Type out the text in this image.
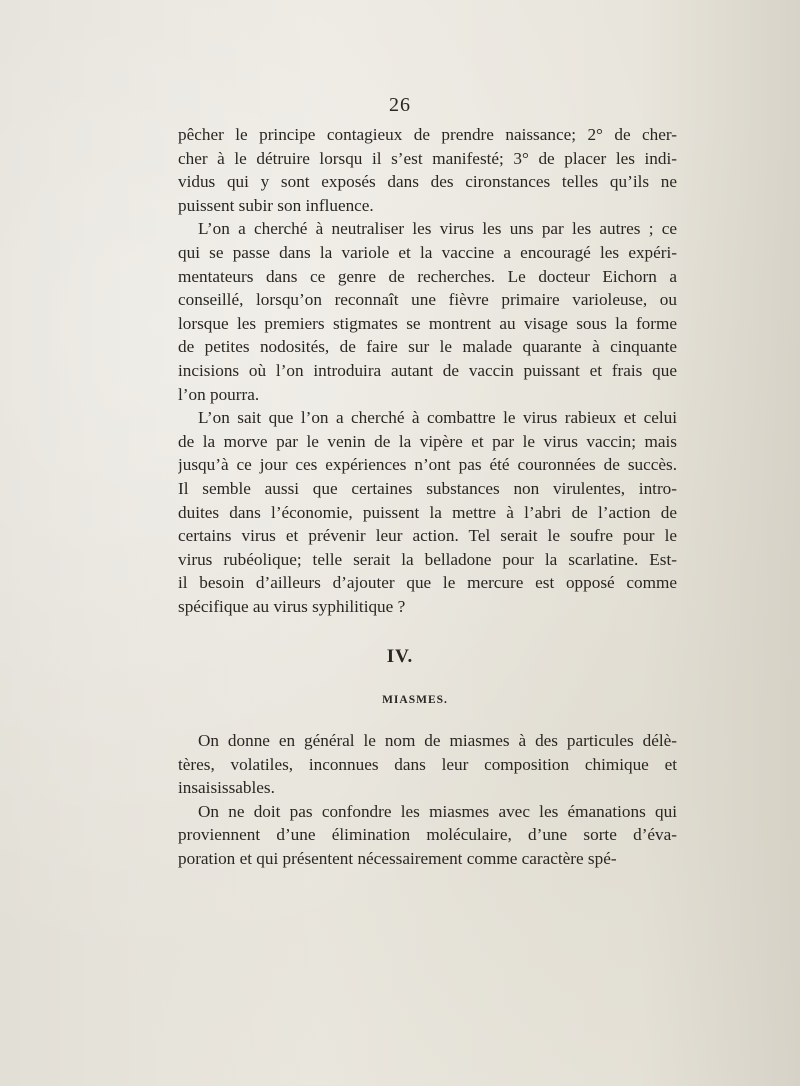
26
pêcher le principe contagieux de prendre naissance; 2° de cher-
cher à le détruire lorsqu il s’est manifesté; 3° de placer les indi-
vidus qui y sont exposés dans des cironstances telles qu’ils ne
puissent subir son influence.
L’on a cherché à neutraliser les virus les uns par les autres ; ce
qui se passe dans la variole et la vaccine a encouragé les expéri-
mentateurs dans ce genre de recherches. Le docteur Eichorn a
conseillé, lorsqu’on reconnaît une fièvre primaire varioleuse, ou
lorsque les premiers stigmates se montrent au visage sous la forme
de petites nodosités, de faire sur le malade quarante à cinquante
incisions où l’on introduira autant de vaccin puissant et frais que
l’on pourra.
L’on sait que l’on a cherché à combattre le virus rabieux et celui
de la morve par le venin de la vipère et par le virus vaccin; mais
jusqu’à ce jour ces expériences n’ont pas été couronnées de succès.
Il semble aussi que certaines substances non virulentes, intro-
duites dans l’économie, puissent la mettre à l’abri de l’action de
certains virus et prévenir leur action. Tel serait le soufre pour le
virus rubéolique; telle serait la belladone pour la scarlatine. Est-
il besoin d’ailleurs d’ajouter que le mercure est opposé comme
spécifique au virus syphilitique ?
IV.
MIASMES.
On donne en général le nom de miasmes à des particules délè-
tères, volatiles, inconnues dans leur composition chimique et
insaisissables.
On ne doit pas confondre les miasmes avec les émanations qui
proviennent d’une élimination moléculaire, d’une sorte d’éva-
poration et qui présentent nécessairement comme caractère spé-
